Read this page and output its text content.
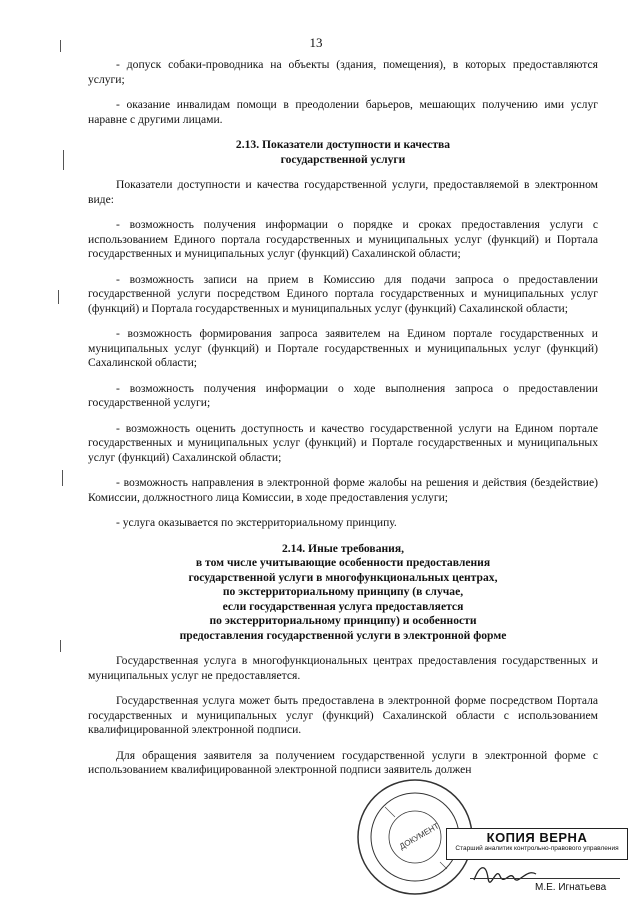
13

- допуск собаки-проводника на объекты (здания, помещения), в которых предоставляются услуги;

- оказание инвалидам помощи в преодолении барьеров, мешающих получению ими услуг наравне с другими лицами.

2.13. Показатели доступности и качества
государственной услуги

Показатели доступности и качества государственной услуги, предоставляемой в электронном виде:

- возможность получения информации о порядке и сроках предоставления услуги с использованием Единого портала государственных и муниципальных услуг (функций) и Портала государственных и муниципальных услуг (функций) Сахалинской области;

- возможность записи на прием в Комиссию для подачи запроса о предоставлении государственной услуги посредством Единого портала государственных и муниципальных услуг (функций) и Портала государственных и муниципальных услуг (функций) Сахалинской области;

- возможность формирования запроса заявителем на Едином портале государственных и муниципальных услуг (функций) и Портале государственных и муниципальных услуг (функций) Сахалинской области;

- возможность получения информации о ходе выполнения запроса о предоставлении государственной услуги;

- возможность оценить доступность и качество государственной услуги на Едином портале государственных и муниципальных услуг (функций) и Портале государственных и муниципальных услуг (функций) Сахалинской области;

- возможность направления в электронной форме жалобы на решения и действия (бездействие) Комиссии, должностного лица Комиссии, в ходе предоставления услуги;

- услуга оказывается по экстерриториальному принципу.

2.14. Иные требования,
в том числе учитывающие особенности предоставления
государственной услуги в многофункциональных центрах,
по экстерриториальному принципу (в случае,
если государственная услуга предоставляется
по экстерриториальному принципу) и особенности
предоставления государственной услуги в электронной форме

Государственная услуга в многофункциональных центрах предоставления государственных и муниципальных услуг не предоставляется.

Государственная услуга может быть предоставлена в электронной форме посредством Портала государственных и муниципальных услуг (функций) Сахалинской области с использованием квалифицированной электронной подписи.

Для обращения заявителя за получением государственной услуги в электронной форме с использованием квалифицированной электронной подписи заявитель должен

ДОКУМЕНТ	КОПИЯ ВЕРНА
Старший аналитик контрольно-правового управления
М.Е. Игнатьева
